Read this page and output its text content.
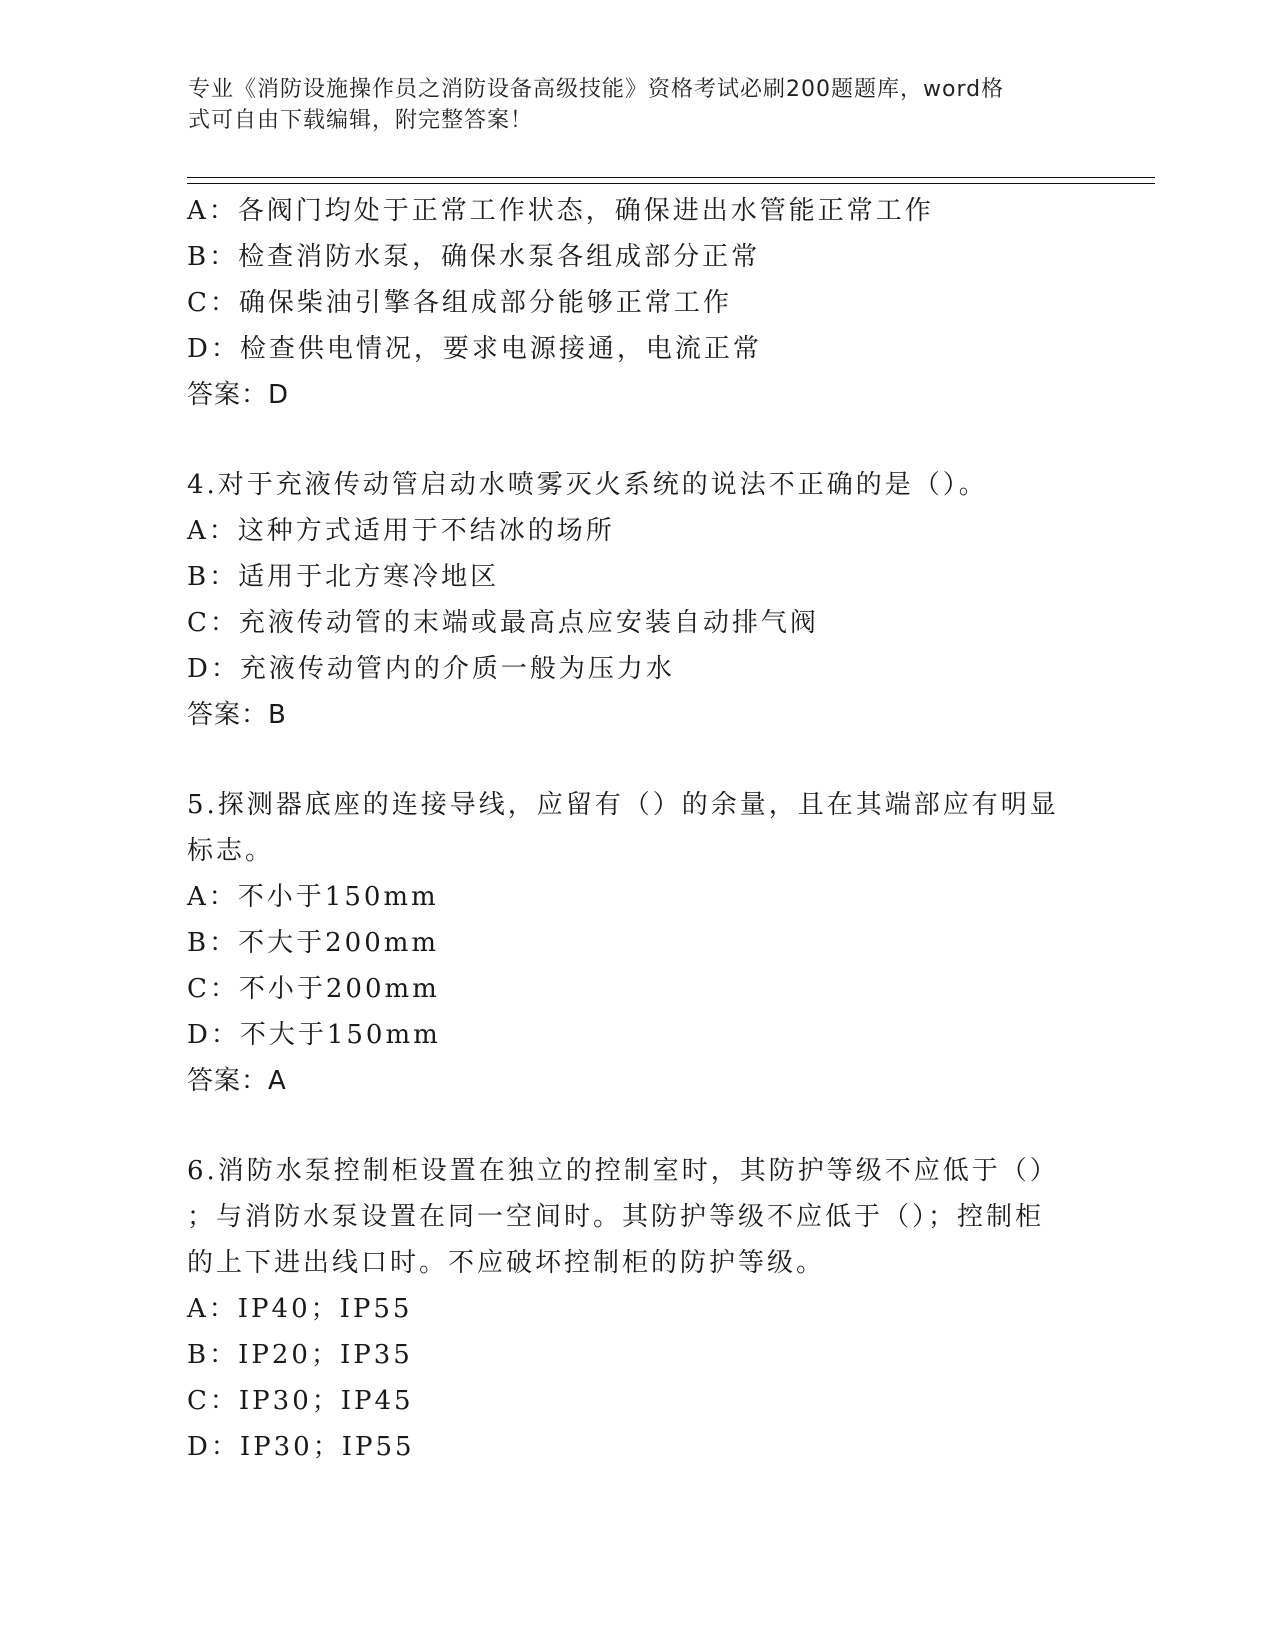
专业《消防设施操作员之消防设备高级技能》资格考试必刷200题题库，word格
式可自由下载编辑，附完整答案！
A：各阀门均处于正常工作状态，确保进出水管能正常工作
B：检查消防水泵，确保水泵各组成部分正常
C：确保柴油引擎各组成部分能够正常工作
D：检查供电情况，要求电源接通，电流正常
答案：D
4.对于充液传动管启动水喷雾灭火系统的说法不正确的是（）。
A：这种方式适用于不结冰的场所
B：适用于北方寒冷地区
C：充液传动管的末端或最高点应安装自动排气阀
D：充液传动管内的介质一般为压力水
答案：B
5.探测器底座的连接导线，应留有（）的余量，且在其端部应有明显
标志。
A：不小于150mm
B：不大于200mm
C：不小于200mm
D：不大于150mm
答案：A
6.消防水泵控制柜设置在独立的控制室时，其防护等级不应低于（）
；与消防水泵设置在同一空间时。其防护等级不应低于（）；控制柜
的上下进出线口时。不应破坏控制柜的防护等级。
A：IP40；IP55
B：IP20；IP35
C：IP30；IP45
D：IP30；IP55
